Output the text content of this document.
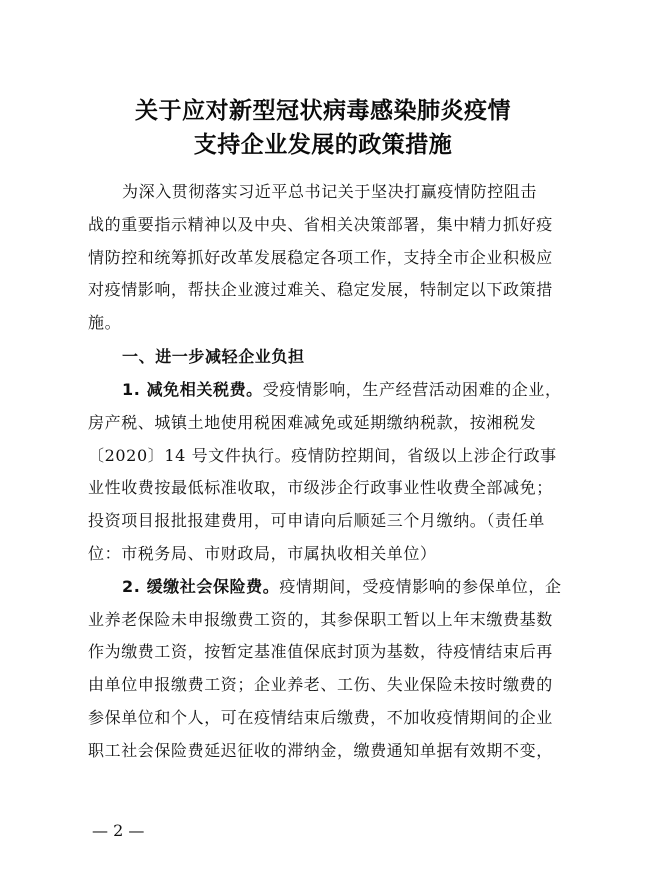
关于应对新型冠状病毒感染肺炎疫情
支持企业发展的政策措施

为深入贯彻落实习近平总书记关于坚决打赢疫情防控阻击

战的重要指示精神以及中央、省相关决策部署，集中精力抓好疫

情防控和统筹抓好改革发展稳定各项工作，支持全市企业积极应

对疫情影响，帮扶企业渡过难关、稳定发展，特制定以下政策措

施。

一、进一步减轻企业负担

1. 减免相关税费。受疫情影响，生产经营活动困难的企业，

房产税、城镇土地使用税困难减免或延期缴纳税款，按湘税发

〔2020〕14 号文件执行。疫情防控期间，省级以上涉企行政事

业性收费按最低标准收取，市级涉企行政事业性收费全部减免；

投资项目报批报建费用，可申请向后顺延三个月缴纳。（责任单

位：市税务局、市财政局，市属执收相关单位）

2. 缓缴社会保险费。疫情期间，受疫情影响的参保单位，企

业养老保险未申报缴费工资的，其参保职工暂以上年末缴费基数

作为缴费工资，按暂定基准值保底封顶为基数，待疫情结束后再

由单位申报缴费工资；企业养老、工伤、失业保险未按时缴费的

参保单位和个人，可在疫情结束后缴费，不加收疫情期间的企业

职工社会保险费延迟征收的滞纳金，缴费通知单据有效期不变，

— 2 —
